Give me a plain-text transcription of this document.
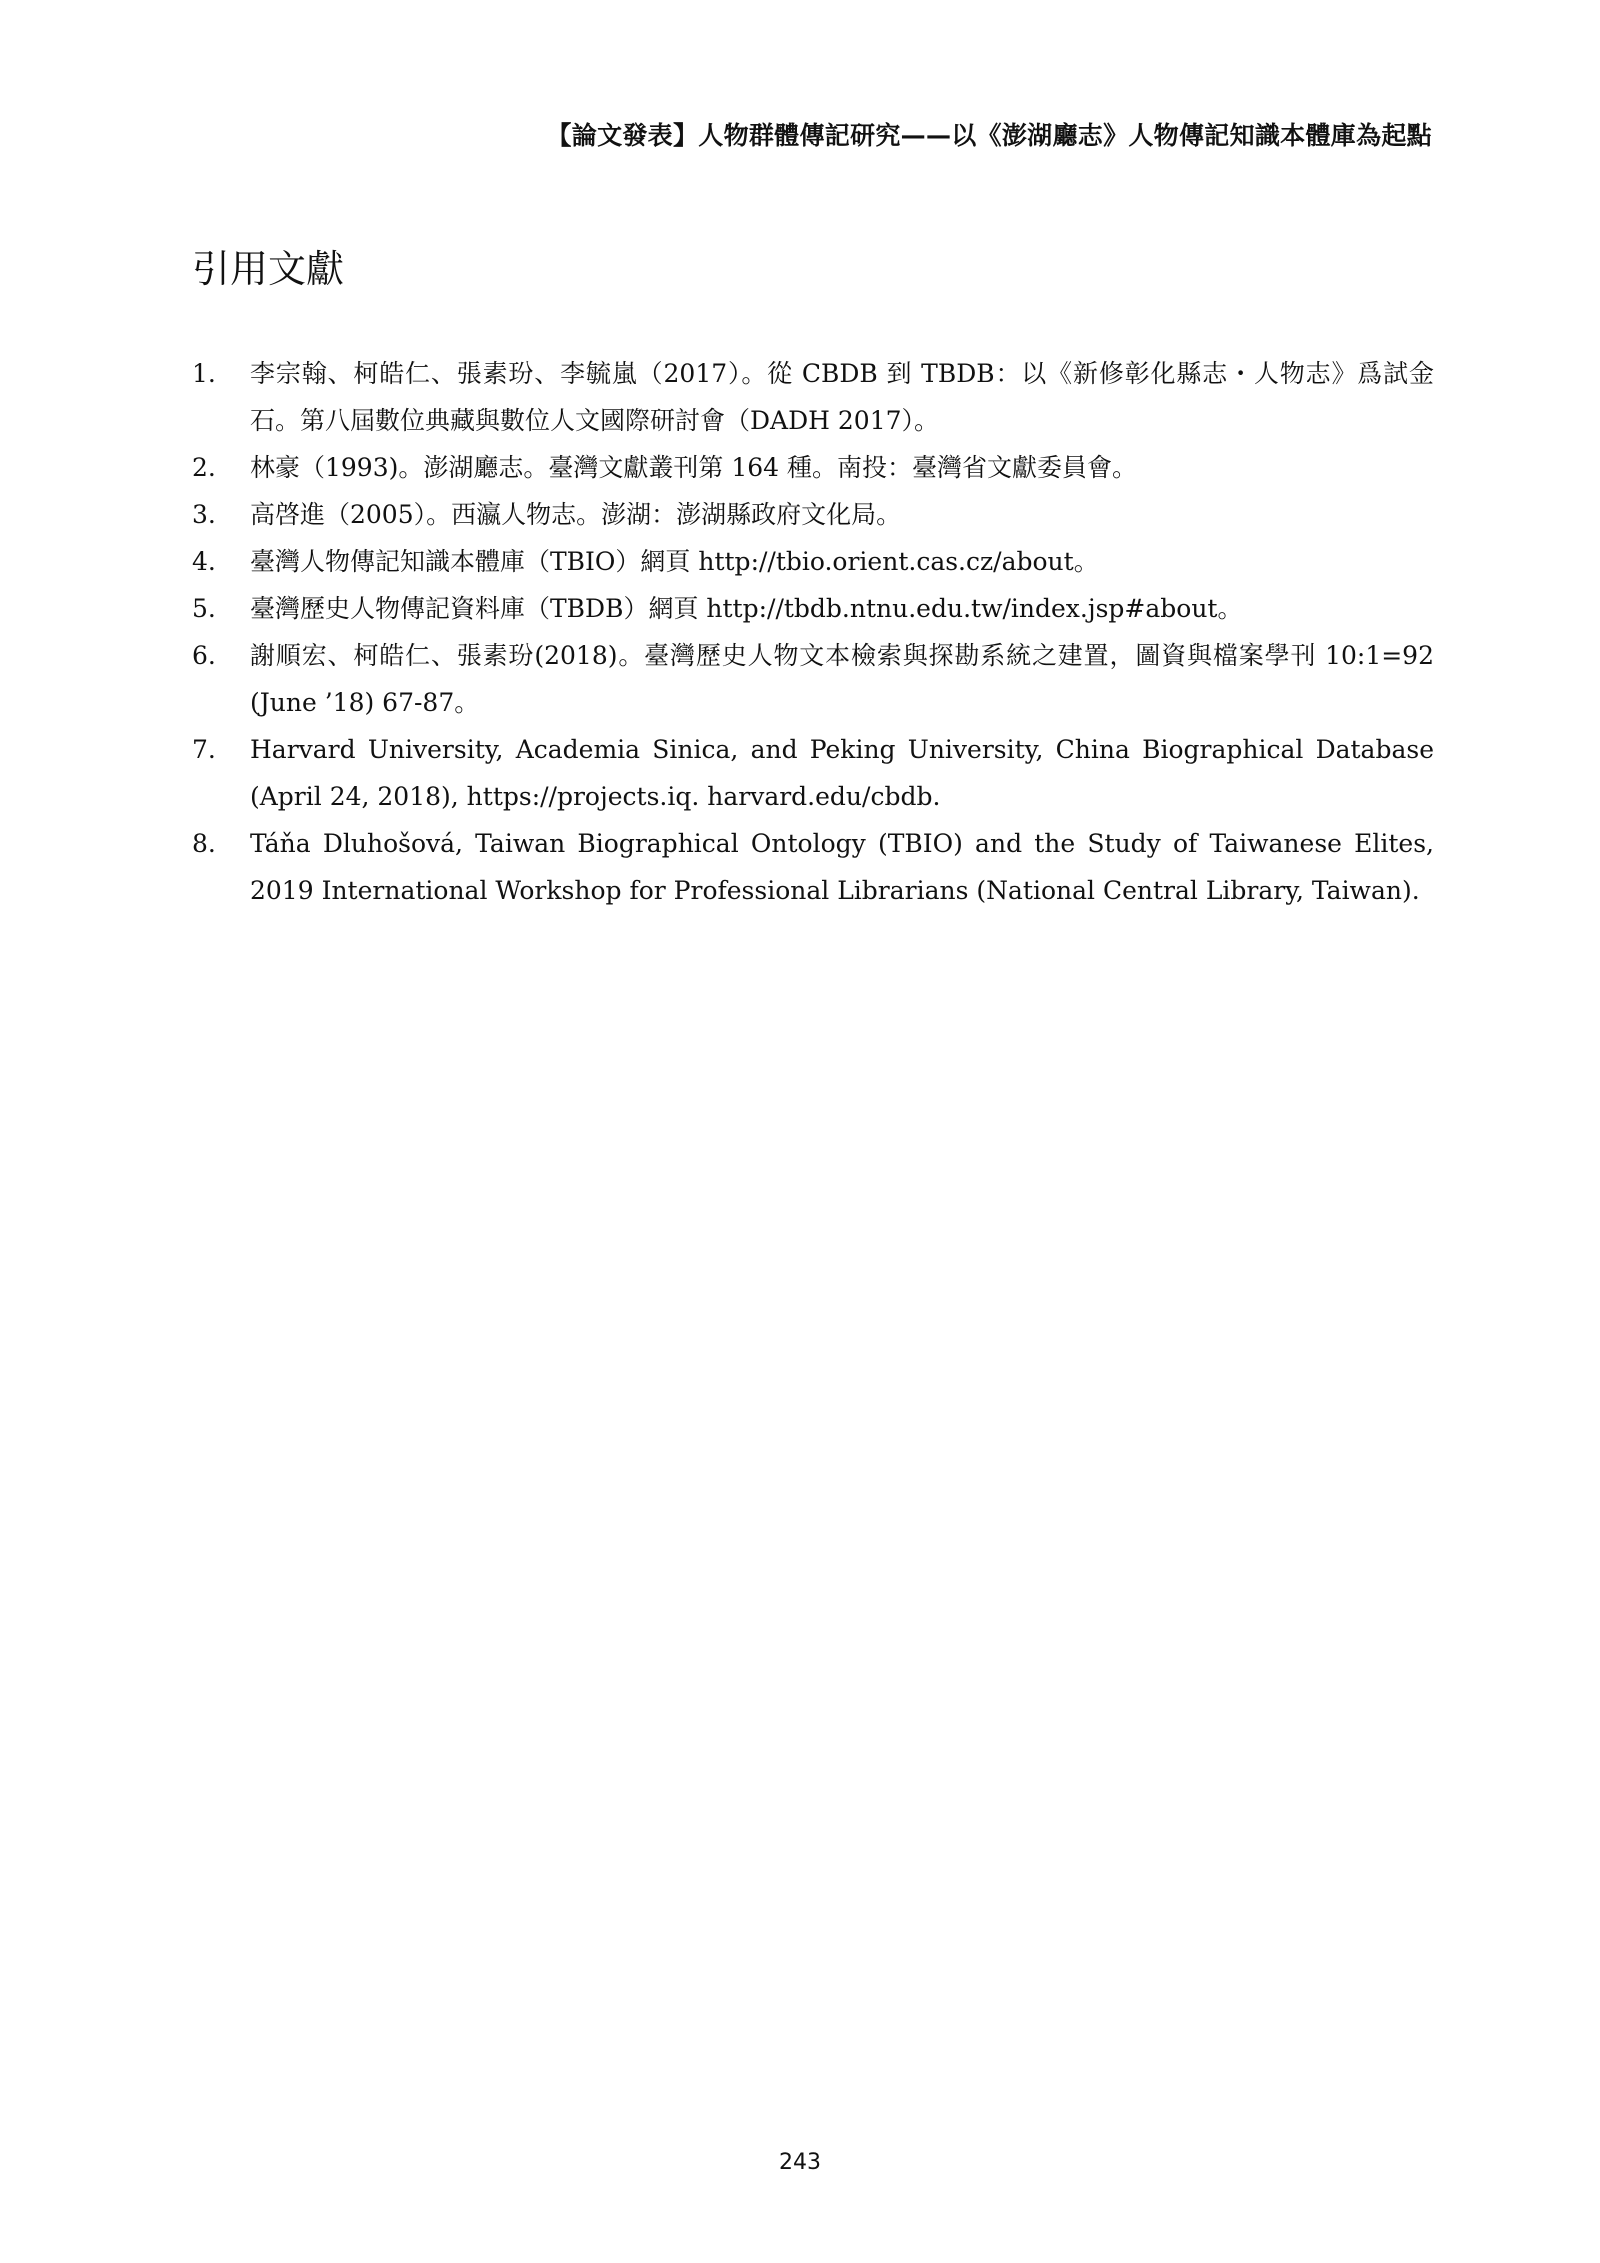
【論文發表】人物群體傳記研究——以《澎湖廳志》人物傳記知識本體庫為起點
引用文獻
1.	李宗翰、柯皓仁、張素玢、李毓嵐（2017）。從 CBDB 到 TBDB：以《新修彰化縣志・人物志》爲試金石。第八屆數位典藏與數位人文國際研討會（DADH 2017）。
2.	林豪（1993)。澎湖廳志。臺灣文獻叢刊第 164 種。南投：臺灣省文獻委員會。
3.	高啓進（2005）。西瀛人物志。澎湖：澎湖縣政府文化局。
4.	臺灣人物傳記知識本體庫（TBIO）網頁 http://tbio.orient.cas.cz/about。
5.	臺灣歷史人物傳記資料庫（TBDB）網頁 http://tbdb.ntnu.edu.tw/index.jsp#about。
6.	謝順宏、柯皓仁、張素玢(2018)。臺灣歷史人物文本檢索與探勘系統之建置，圖資與檔案學刊 10:1=92 (June ’18) 67-87。
7.	Harvard University, Academia Sinica, and Peking University, China Biographical Database (April 24, 2018), https://projects.iq. harvard.edu/cbdb.
8.	Táňa Dluhošová, Taiwan Biographical Ontology (TBIO) and the Study of Taiwanese Elites, 2019 International Workshop for Professional Librarians (National Central Library, Taiwan).
243
